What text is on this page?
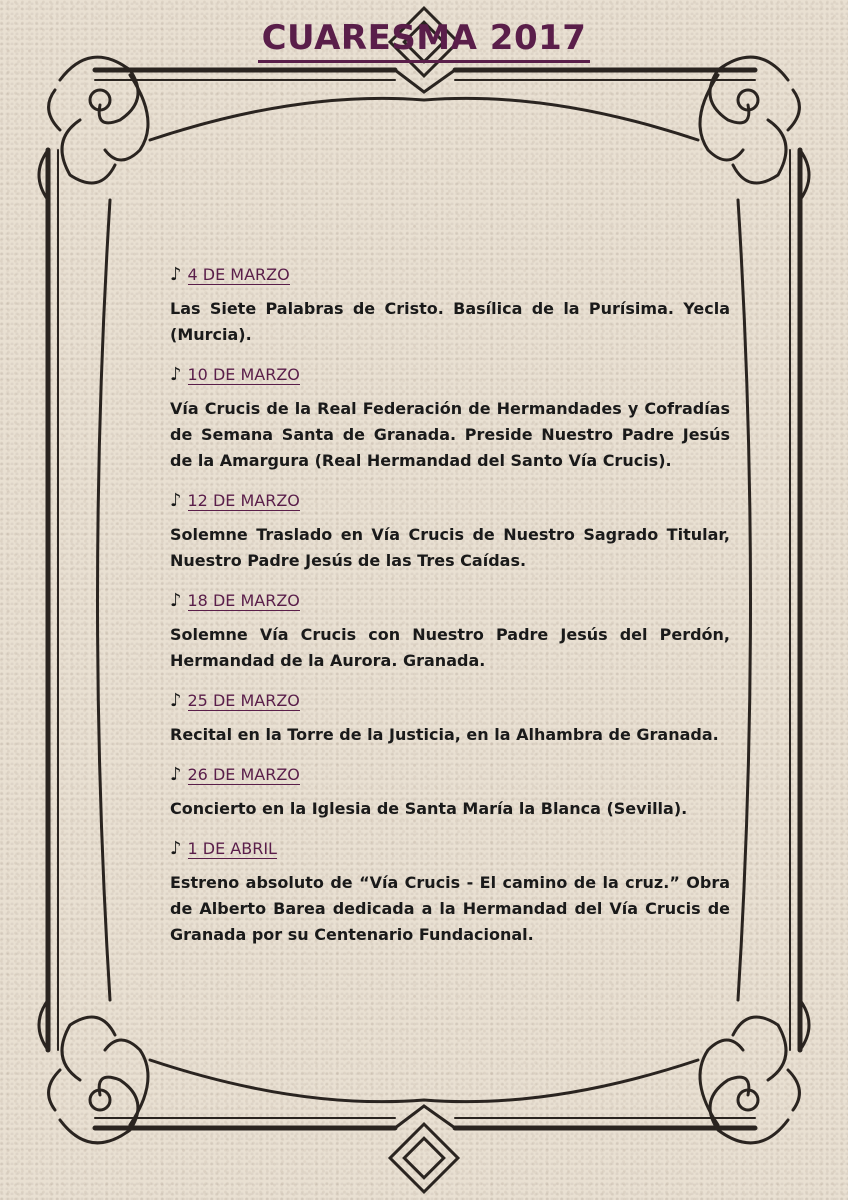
CUARESMA 2017
♪ 4 DE MARZO
Las Siete Palabras de Cristo. Basílica de la Purísima. Yecla (Murcia).
♪ 10 DE MARZO
Vía Crucis de la Real Federación de Hermandades y Cofradías de Semana Santa de Granada. Preside Nuestro Padre Jesús de la Amargura (Real Hermandad del Santo Vía Crucis).
♪ 12 DE MARZO
Solemne Traslado en Vía Crucis de Nuestro Sagrado Titular, Nuestro Padre Jesús de las Tres Caídas.
♪ 18 DE MARZO
Solemne Vía Crucis con Nuestro Padre Jesús del Perdón, Hermandad de la Aurora. Granada.
♪ 25 DE MARZO
Recital en la Torre de la Justicia, en la Alhambra de Granada.
♪ 26 DE MARZO
Concierto en la Iglesia de Santa María la Blanca (Sevilla).
♪ 1 DE ABRIL
Estreno absoluto de “Vía Crucis - El camino de la cruz.” Obra de Alberto Barea dedicada a la Hermandad del Vía Crucis de Granada por su Centenario Fundacional.
